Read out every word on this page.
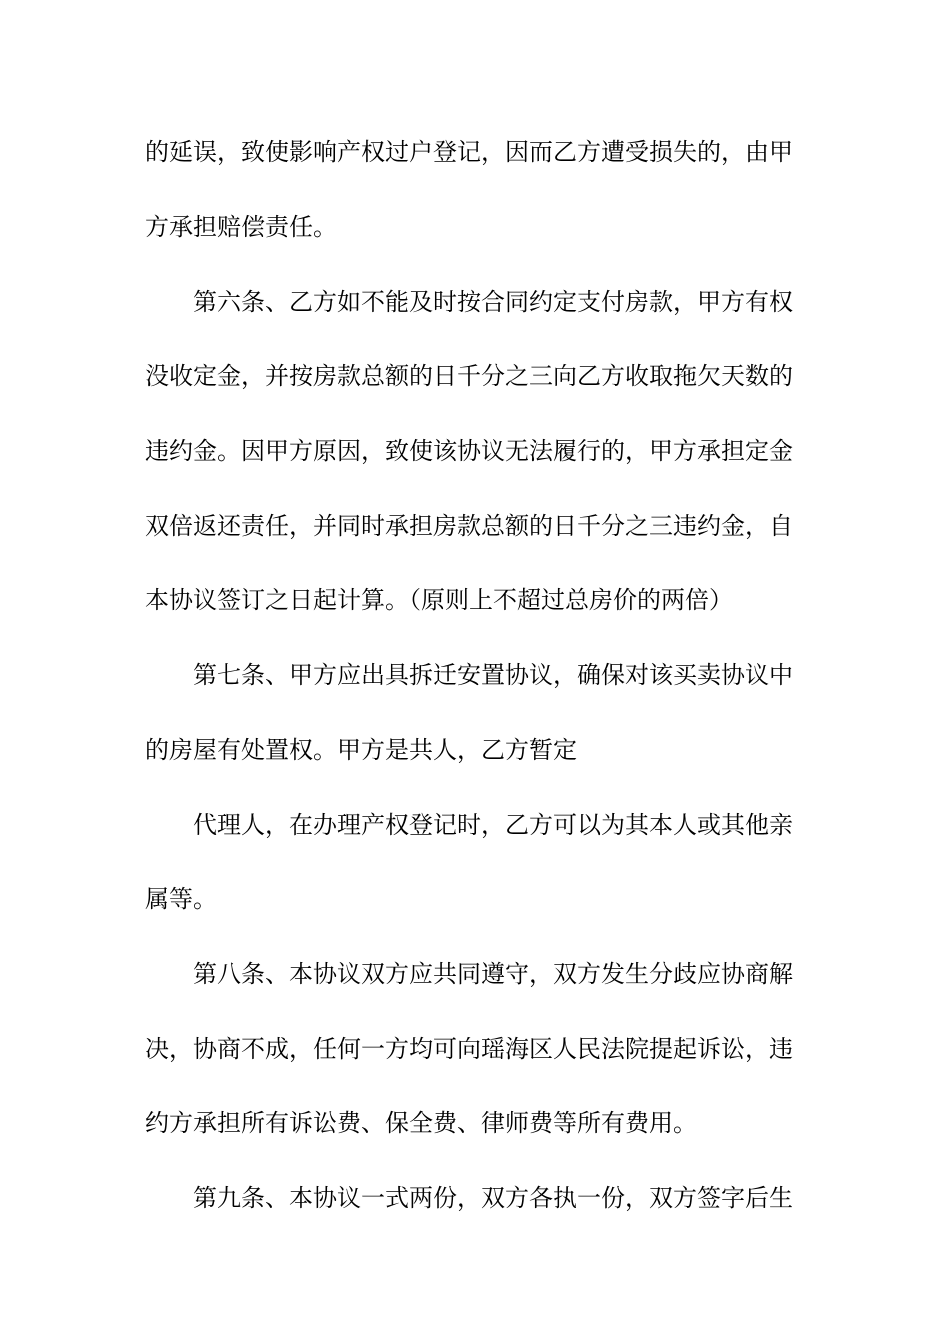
的延误，致使影响产权过户登记，因而乙方遭受损失的，由甲
方承担赔偿责任。
第六条、乙方如不能及时按合同约定支付房款，甲方有权
没收定金，并按房款总额的日千分之三向乙方收取拖欠天数的
违约金。因甲方原因，致使该协议无法履行的，甲方承担定金
双倍返还责任，并同时承担房款总额的日千分之三违约金，自
本协议签订之日起计算。（原则上不超过总房价的两倍）
第七条、甲方应出具拆迁安置协议，确保对该买卖协议中
的房屋有处置权。甲方是共人，乙方暂定
代理人，在办理产权登记时，乙方可以为其本人或其他亲
属等。
第八条、本协议双方应共同遵守，双方发生分歧应协商解
决，协商不成，任何一方均可向瑶海区人民法院提起诉讼，违
约方承担所有诉讼费、保全费、律师费等所有费用。
第九条、本协议一式两份，双方各执一份，双方签字后生
